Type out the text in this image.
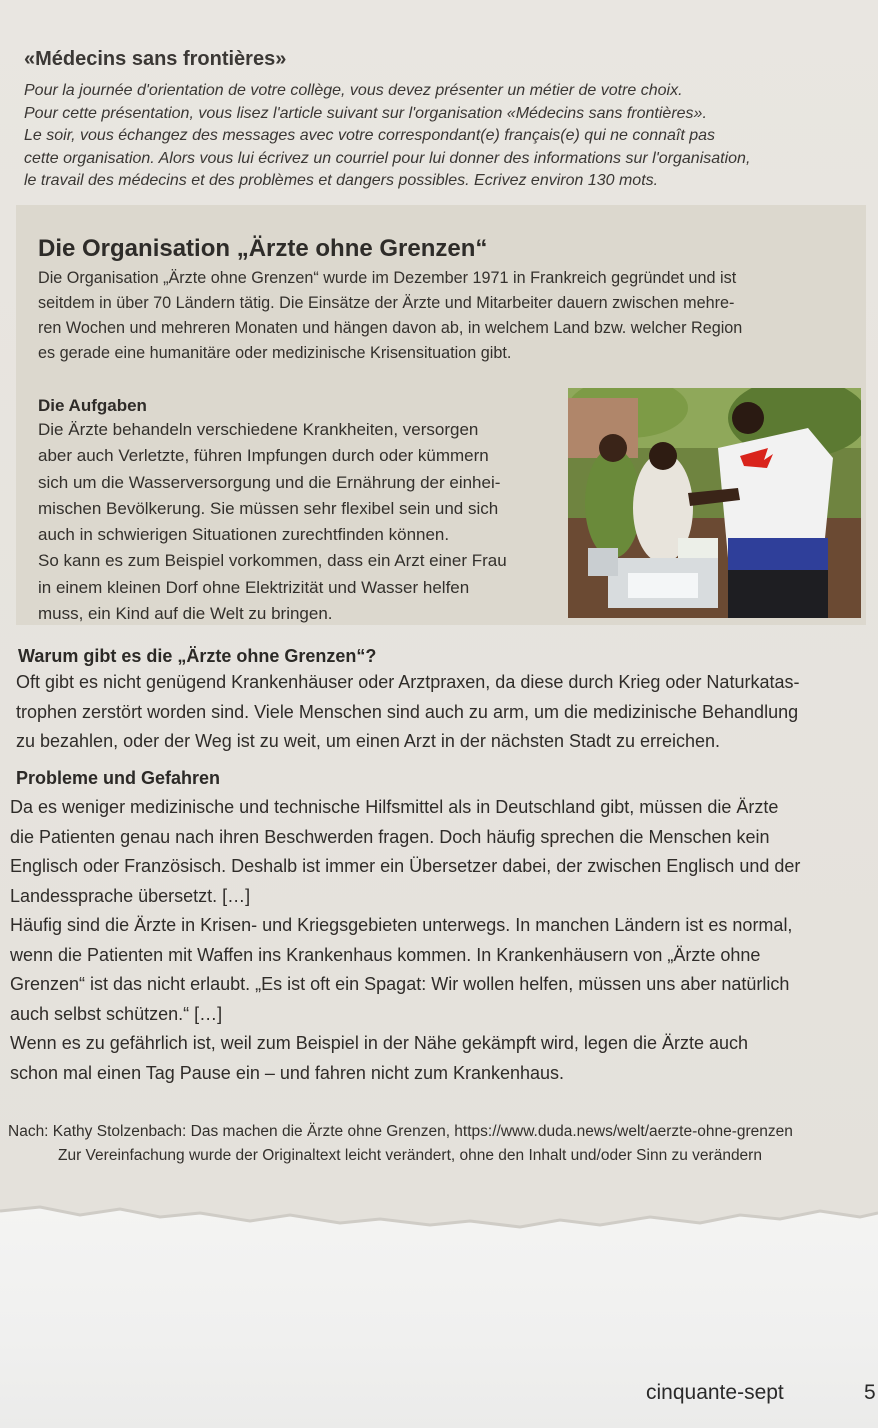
«Médecins sans frontières»
Pour la journée d'orientation de votre collège, vous devez présenter un métier de votre choix.
Pour cette présentation, vous lisez l'article suivant sur l'organisation «Médecins sans frontières».
Le soir, vous échangez des messages avec votre correspondant(e) français(e) qui ne connaît pas
cette organisation. Alors vous lui écrivez un courriel pour lui donner des informations sur l'organisation,
le travail des médecins et des problèmes et dangers possibles. Ecrivez environ 130 mots.
Die Organisation „Ärzte ohne Grenzen“
Die Organisation „Ärzte ohne Grenzen“ wurde im Dezember 1971 in Frankreich gegründet und ist
seitdem in über 70 Ländern tätig. Die Einsätze der Ärzte und Mitarbeiter dauern zwischen mehre-
ren Wochen und mehreren Monaten und hängen davon ab, in welchem Land bzw. welcher Region
es gerade eine humanitäre oder medizinische Krisensituation gibt.
Die Aufgaben
Die Ärzte behandeln verschiedene Krankheiten, versorgen
aber auch Verletzte, führen Impfungen durch oder kümmern
sich um die Wasserversorgung und die Ernährung der einhei-
mischen Bevölkerung. Sie müssen sehr flexibel sein und sich
auch in schwierigen Situationen zurechtfinden können.
So kann es zum Beispiel vorkommen, dass ein Arzt einer Frau
in einem kleinen Dorf ohne Elektrizität und Wasser helfen
muss, ein Kind auf die Welt zu bringen.
Warum gibt es die „Ärzte ohne Grenzen“?
Oft gibt es nicht genügend Krankenhäuser oder Arztpraxen, da diese durch Krieg oder Naturkatas-
trophen zerstört worden sind. Viele Menschen sind auch zu arm, um die medizinische Behandlung
zu bezahlen, oder der Weg ist zu weit, um einen Arzt in der nächsten Stadt zu erreichen.
Probleme und Gefahren
Da es weniger medizinische und technische Hilfsmittel als in Deutschland gibt, müssen die Ärzte
die Patienten genau nach ihren Beschwerden fragen. Doch häufig sprechen die Menschen kein
Englisch oder Französisch. Deshalb ist immer ein Übersetzer dabei, der zwischen Englisch und der
Landessprache übersetzt. […]
Häufig sind die Ärzte in Krisen- und Kriegsgebieten unterwegs. In manchen Ländern ist es normal,
wenn die Patienten mit Waffen ins Krankenhaus kommen. In Krankenhäusern von „Ärzte ohne
Grenzen“ ist das nicht erlaubt. „Es ist oft ein Spagat: Wir wollen helfen, müssen uns aber natürlich
auch selbst schützen.“ […]
Wenn es zu gefährlich ist, weil zum Beispiel in der Nähe gekämpft wird, legen die Ärzte auch
schon mal einen Tag Pause ein – und fahren nicht zum Krankenhaus.
Nach: Kathy Stolzenbach: Das machen die Ärzte ohne Grenzen, https://www.duda.news/welt/aerzte-ohne-grenzen
Zur Vereinfachung wurde der Originaltext leicht verändert, ohne den Inhalt und/oder Sinn zu verändern
cinquante-sept	5
